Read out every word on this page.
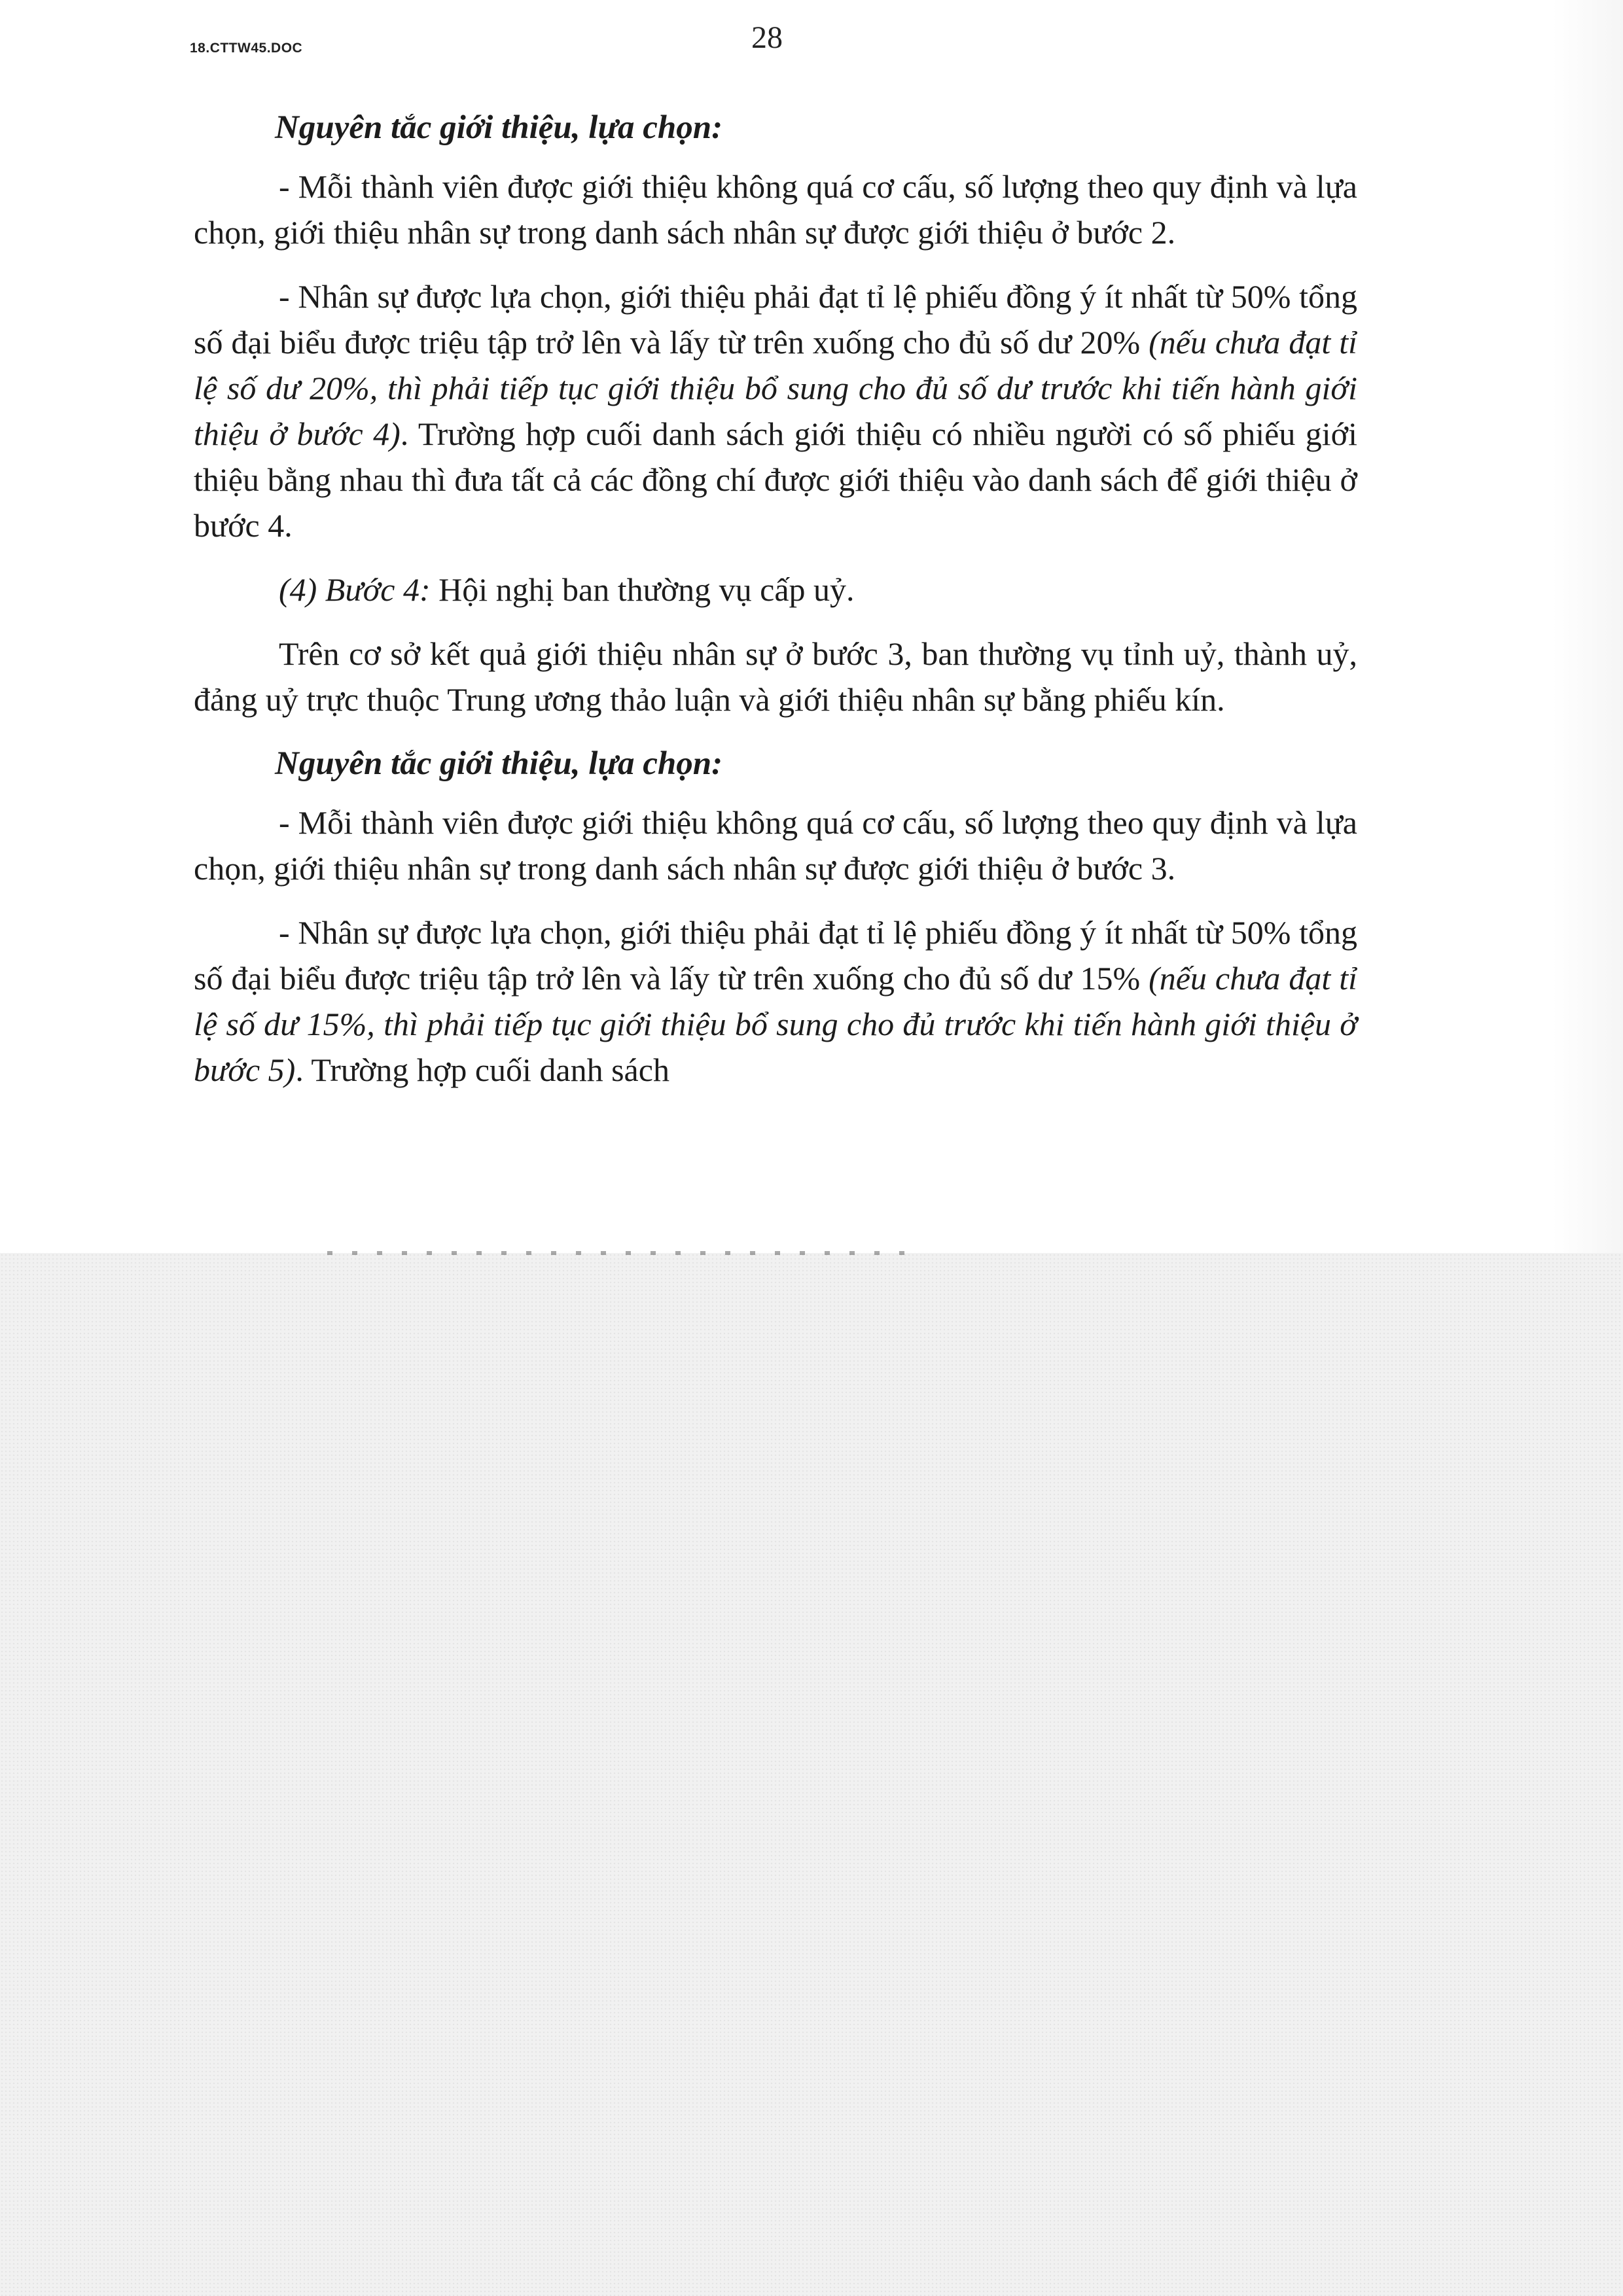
18.CTTW45.DOC	28

Nguyên tắc giới thiệu, lựa chọn:

- Mỗi thành viên được giới thiệu không quá cơ cấu, số lượng theo quy định và lựa chọn, giới thiệu nhân sự trong danh sách nhân sự được giới thiệu ở bước 2.

- Nhân sự được lựa chọn, giới thiệu phải đạt tỉ lệ phiếu đồng ý ít nhất từ 50% tổng số đại biểu được triệu tập trở lên và lấy từ trên xuống cho đủ số dư 20% (nếu chưa đạt tỉ lệ số dư 20%, thì phải tiếp tục giới thiệu bổ sung cho đủ số dư trước khi tiến hành giới thiệu ở bước 4). Trường hợp cuối danh sách giới thiệu có nhiều người có số phiếu giới thiệu bằng nhau thì đưa tất cả các đồng chí được giới thiệu vào danh sách để giới thiệu ở bước 4.

(4) Bước 4: Hội nghị ban thường vụ cấp uỷ.

Trên cơ sở kết quả giới thiệu nhân sự ở bước 3, ban thường vụ tỉnh uỷ, thành uỷ, đảng uỷ trực thuộc Trung ương thảo luận và giới thiệu nhân sự bằng phiếu kín.

Nguyên tắc giới thiệu, lựa chọn:

- Mỗi thành viên được giới thiệu không quá cơ cấu, số lượng theo quy định và lựa chọn, giới thiệu nhân sự trong danh sách nhân sự được giới thiệu ở bước 3.

- Nhân sự được lựa chọn, giới thiệu phải đạt tỉ lệ phiếu đồng ý ít nhất từ 50% tổng số đại biểu được triệu tập trở lên và lấy từ trên xuống cho đủ số dư 15% (nếu chưa đạt tỉ lệ số dư 15%, thì phải tiếp tục giới thiệu bổ sung cho đủ trước khi tiến hành giới thiệu ở bước 5). Trường hợp cuối danh sách
